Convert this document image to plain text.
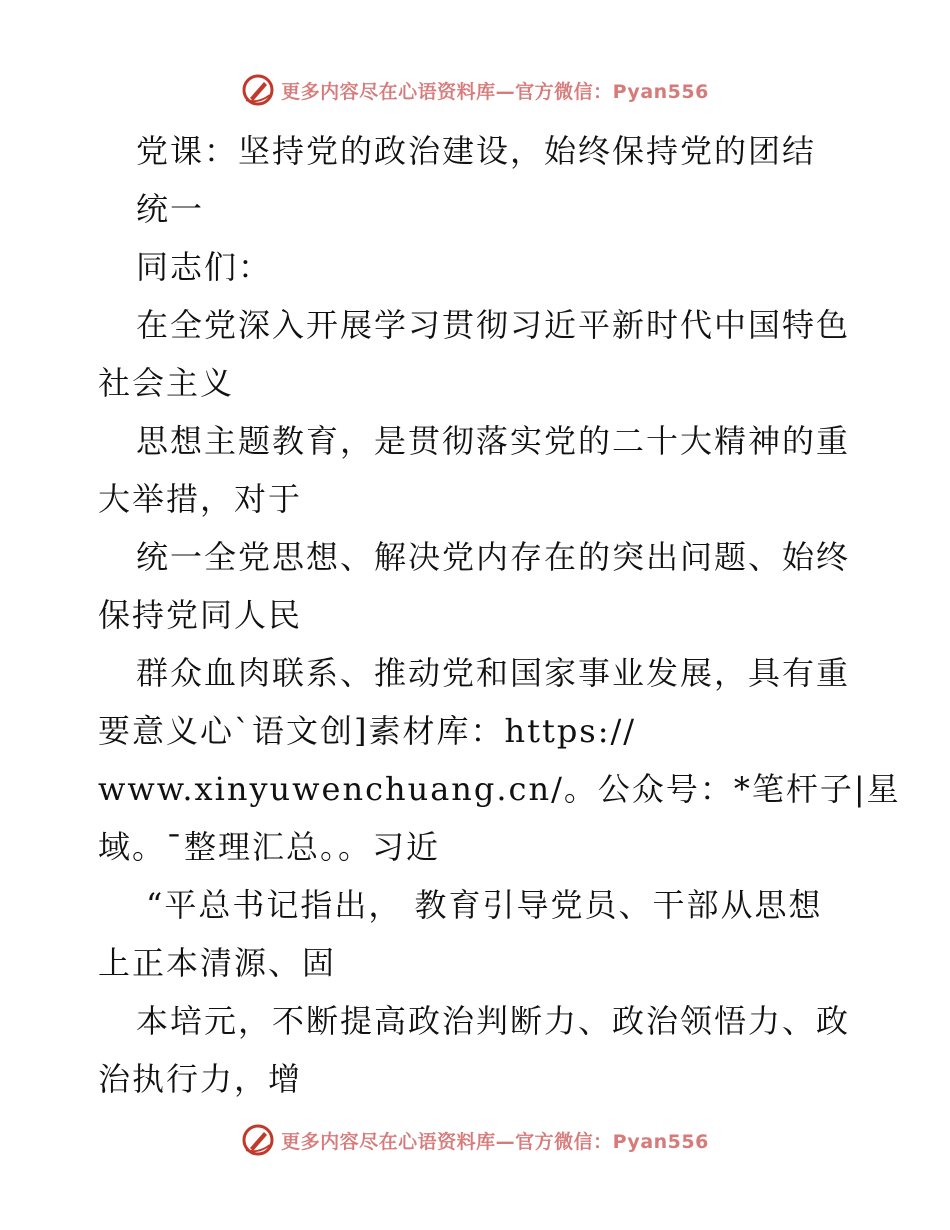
更多内容尽在心语资料库—官方微信：Pyan556

党课：坚持党的政治建设，始终保持党的团结

统一

同志们：

在全党深入开展学习贯彻习近平新时代中国特色

社会主义

思想主题教育，是贯彻落实党的二十大精神的重

大举措，对于

统一全党思想、解决党内存在的突出问题、始终

保持党同人民

群众血肉联系、推动党和国家事业发展，具有重

要意义心`语文创]素材库：https://

www.xinyuwenchuang.cn/。公众号：*笔杆子|星

域。¯整理汇总。。习近

“平总书记指出， 教育引导党员、干部从思想

上正本清源、固

本培元，不断提高政治判断力、政治领悟力、政

治执行力，增

更多内容尽在心语资料库—官方微信：Pyan556
